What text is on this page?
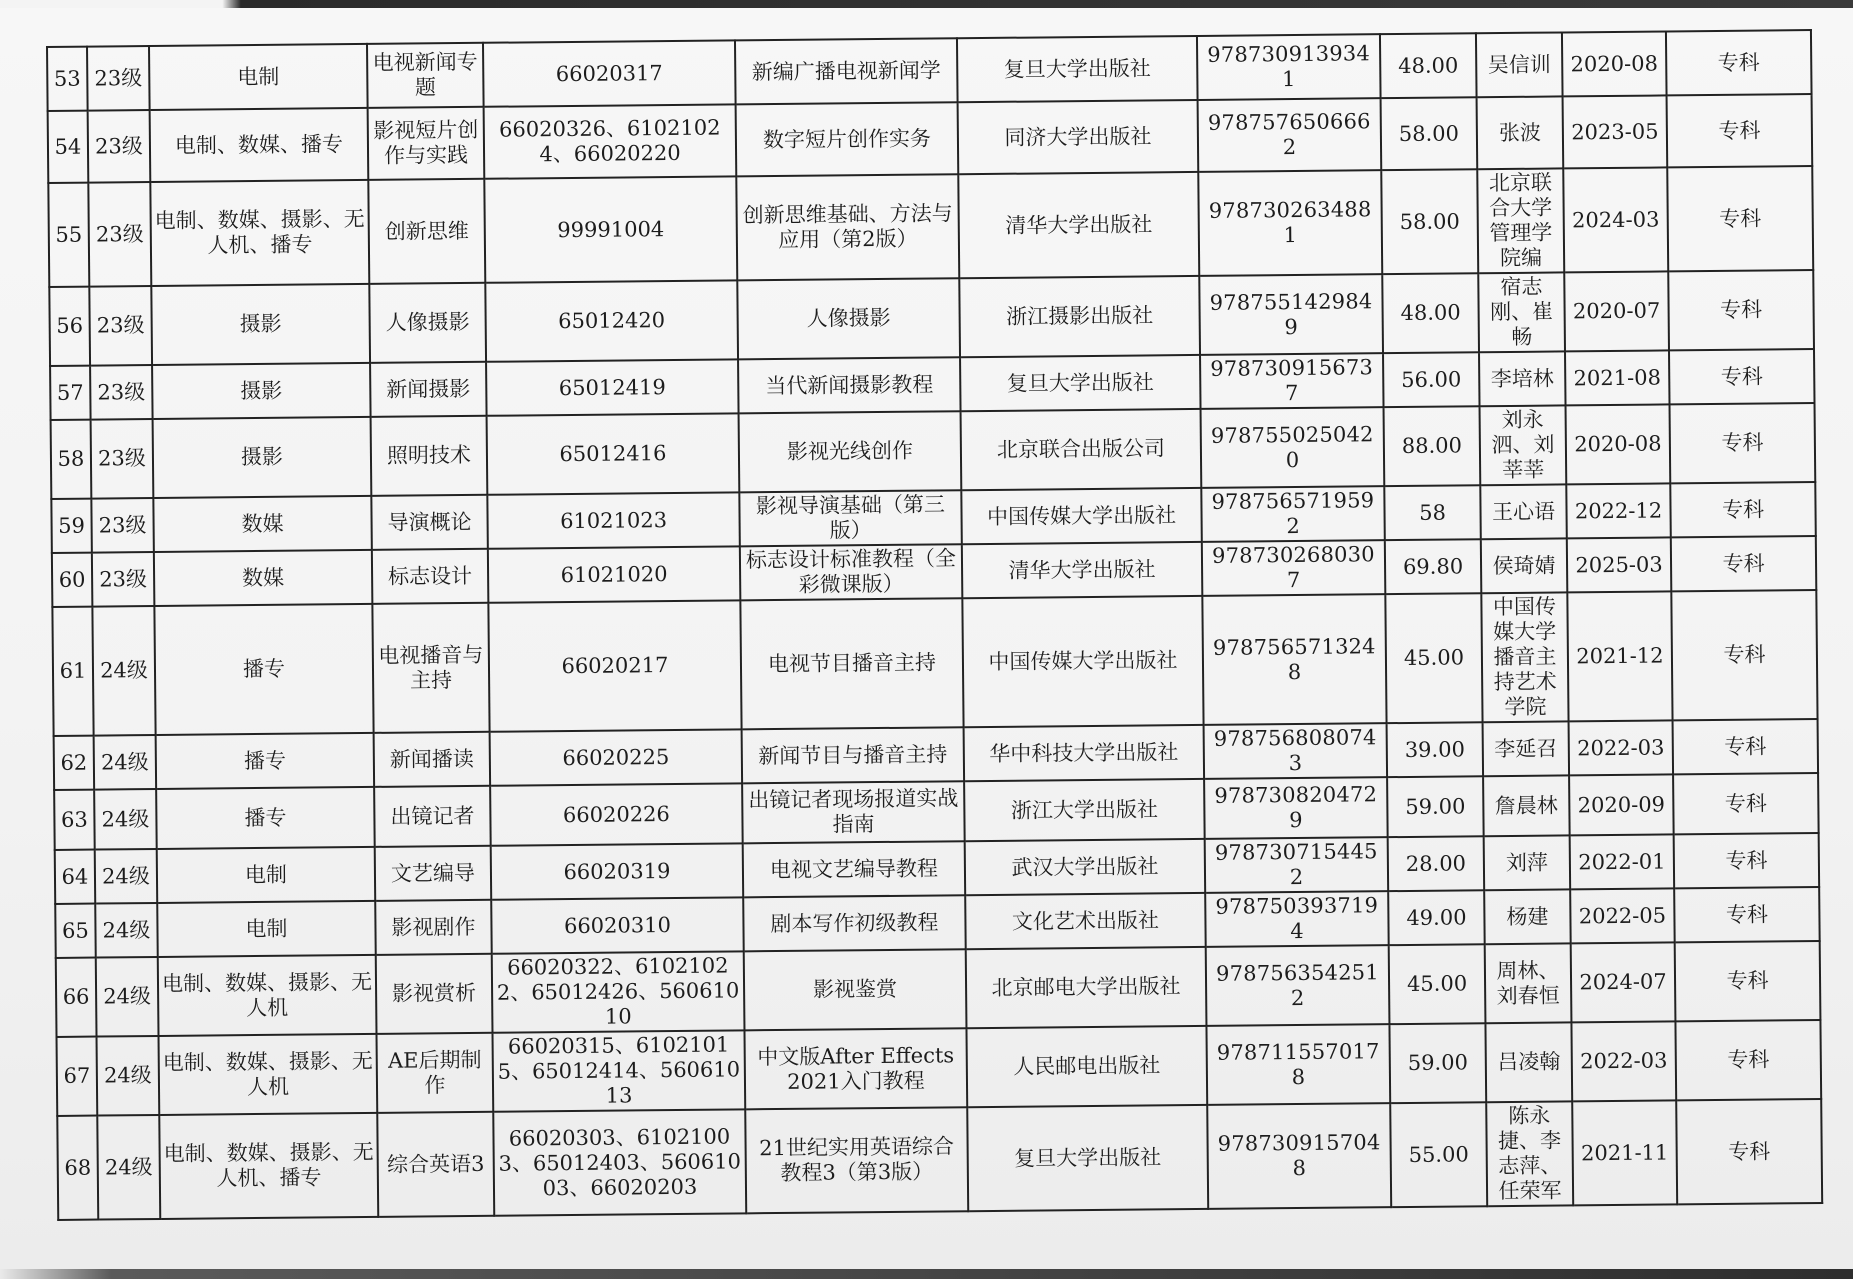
53	23级	电制	电视新闻专题	66020317	新编广播电视新闻学	复旦大学出版社	9787309139341	48.00	吴信训	2020-08	专科
54	23级	电制、数媒、播专	影视短片创作与实践	66020326、61021024、66020220	数字短片创作实务	同济大学出版社	9787576506662	58.00	张波	2023-05	专科
55	23级	电制、数媒、摄影、无人机、播专	创新思维	99991004	创新思维基础、方法与应用（第2版）	清华大学出版社	9787302634881	58.00	北京联合大学管理学院编	2024-03	专科
56	23级	摄影	人像摄影	65012420	人像摄影	浙江摄影出版社	9787551429849	48.00	宿志刚、崔畅	2020-07	专科
57	23级	摄影	新闻摄影	65012419	当代新闻摄影教程	复旦大学出版社	9787309156737	56.00	李培林	2021-08	专科
58	23级	摄影	照明技术	65012416	影视光线创作	北京联合出版公司	9787550250420	88.00	刘永泗、刘莘莘	2020-08	专科
59	23级	数媒	导演概论	61021023	影视导演基础（第三版）	中国传媒大学出版社	9787565719592	58	王心语	2022-12	专科
60	23级	数媒	标志设计	61021020	标志设计标准教程（全彩微课版）	清华大学出版社	9787302680307	69.80	侯琦婧	2025-03	专科
61	24级	播专	电视播音与主持	66020217	电视节目播音主持	中国传媒大学出版社	9787565713248	45.00	中国传媒大学播音主持艺术学院	2021-12	专科
62	24级	播专	新闻播读	66020225	新闻节目与播音主持	华中科技大学出版社	9787568080743	39.00	李延召	2022-03	专科
63	24级	播专	出镜记者	66020226	出镜记者现场报道实战指南	浙江大学出版社	9787308204729	59.00	詹晨林	2020-09	专科
64	24级	电制	文艺编导	66020319	电视文艺编导教程	武汉大学出版社	9787307154452	28.00	刘萍	2022-01	专科
65	24级	电制	影视剧作	66020310	剧本写作初级教程	文化艺术出版社	9787503937194	49.00	杨建	2022-05	专科
66	24级	电制、数媒、摄影、无人机	影视赏析	66020322、61021022、65012426、56061010	影视鉴赏	北京邮电大学出版社	9787563542512	45.00	周林、刘春恒	2024-07	专科
67	24级	电制、数媒、摄影、无人机	AE后期制作	66020315、61021015、65012414、56061013	中文版After Effects 2021入门教程	人民邮电出版社	9787115570178	59.00	吕凌翰	2022-03	专科
68	24级	电制、数媒、摄影、无人机、播专	综合英语3	66020303、61021003、65012403、56061003、66020203	21世纪实用英语综合教程3（第3版）	复旦大学出版社	9787309157048	55.00	陈永捷、李志萍、任荣军	2021-11	专科
